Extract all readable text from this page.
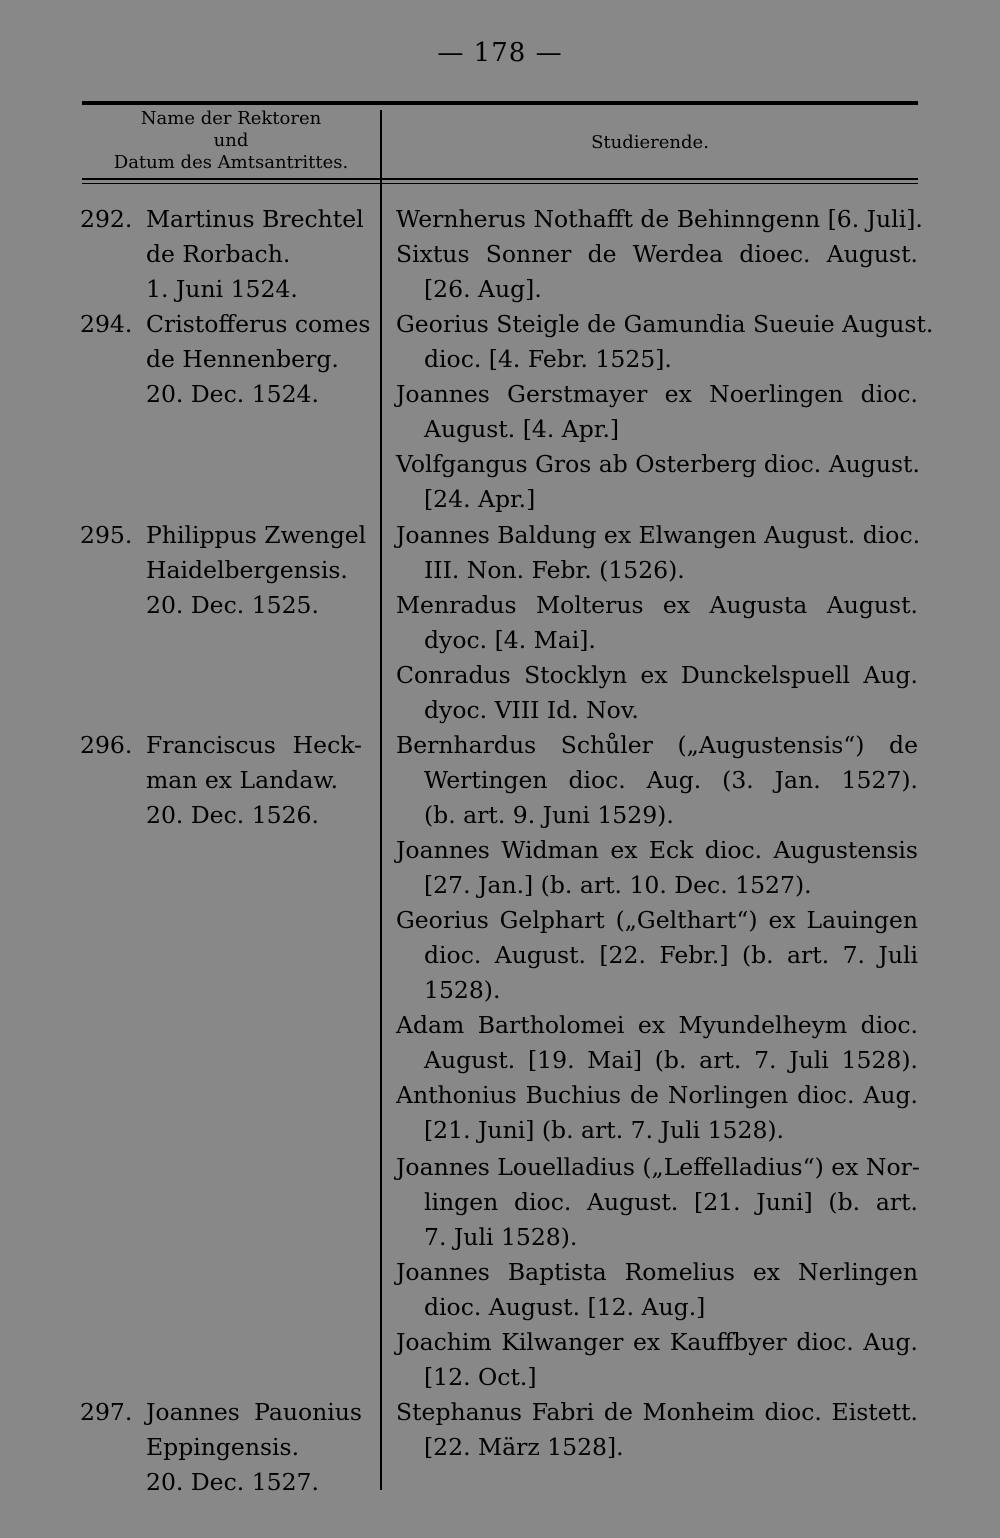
— 178 —
Name der Rektoren
und
Datum des Amtsantrittes.
Studierende.
292. Martinus Brechtel
de Rorbach.
1. Juni 1524.
294. Cristofferus comes
de Hennenberg.
20. Dec. 1524.
295. Philippus Zwengel
Haidelbergensis.
20. Dec. 1525.
296. Franciscus Heck-
man ex Landaw.
20. Dec. 1526.
297. Joannes Pauonius
Eppingensis.
20. Dec. 1527.
Wernherus Nothafft de Behinngenn [6. Juli].
Sixtus Sonner de Werdea dioec. August.
[26. Aug].
Georius Steigle de Gamundia Sueuie August.
dioc. [4. Febr. 1525].
Joannes Gerstmayer ex Noerlingen dioc.
August. [4. Apr.]
Volfgangus Gros ab Osterberg dioc. August.
[24. Apr.]
Joannes Baldung ex Elwangen August. dioc.
III. Non. Febr. (1526).
Menradus Molterus ex Augusta August.
dyoc. [4. Mai].
Conradus Stocklyn ex Dunckelspuell Aug.
dyoc. VIII Id. Nov.
Bernhardus Schůler („Augustensis“) de
Wertingen dioc. Aug. (3. Jan. 1527).
(b. art. 9. Juni 1529).
Joannes Widman ex Eck dioc. Augustensis
[27. Jan.] (b. art. 10. Dec. 1527).
Georius Gelphart („Gelthart“) ex Lauingen
dioc. August. [22. Febr.] (b. art. 7. Juli
1528).
Adam Bartholomei ex Myundelheym dioc.
August. [19. Mai] (b. art. 7. Juli 1528).
Anthonius Buchius de Norlingen dioc. Aug.
[21. Juni] (b. art. 7. Juli 1528).
Joannes Louelladius („Leffelladius“) ex Nor-
lingen dioc. August. [21. Juni] (b. art.
7. Juli 1528).
Joannes Baptista Romelius ex Nerlingen
dioc. August. [12. Aug.]
Joachim Kilwanger ex Kauffbyer dioc. Aug.
[12. Oct.]
Stephanus Fabri de Monheim dioc. Eistett.
[22. März 1528].
